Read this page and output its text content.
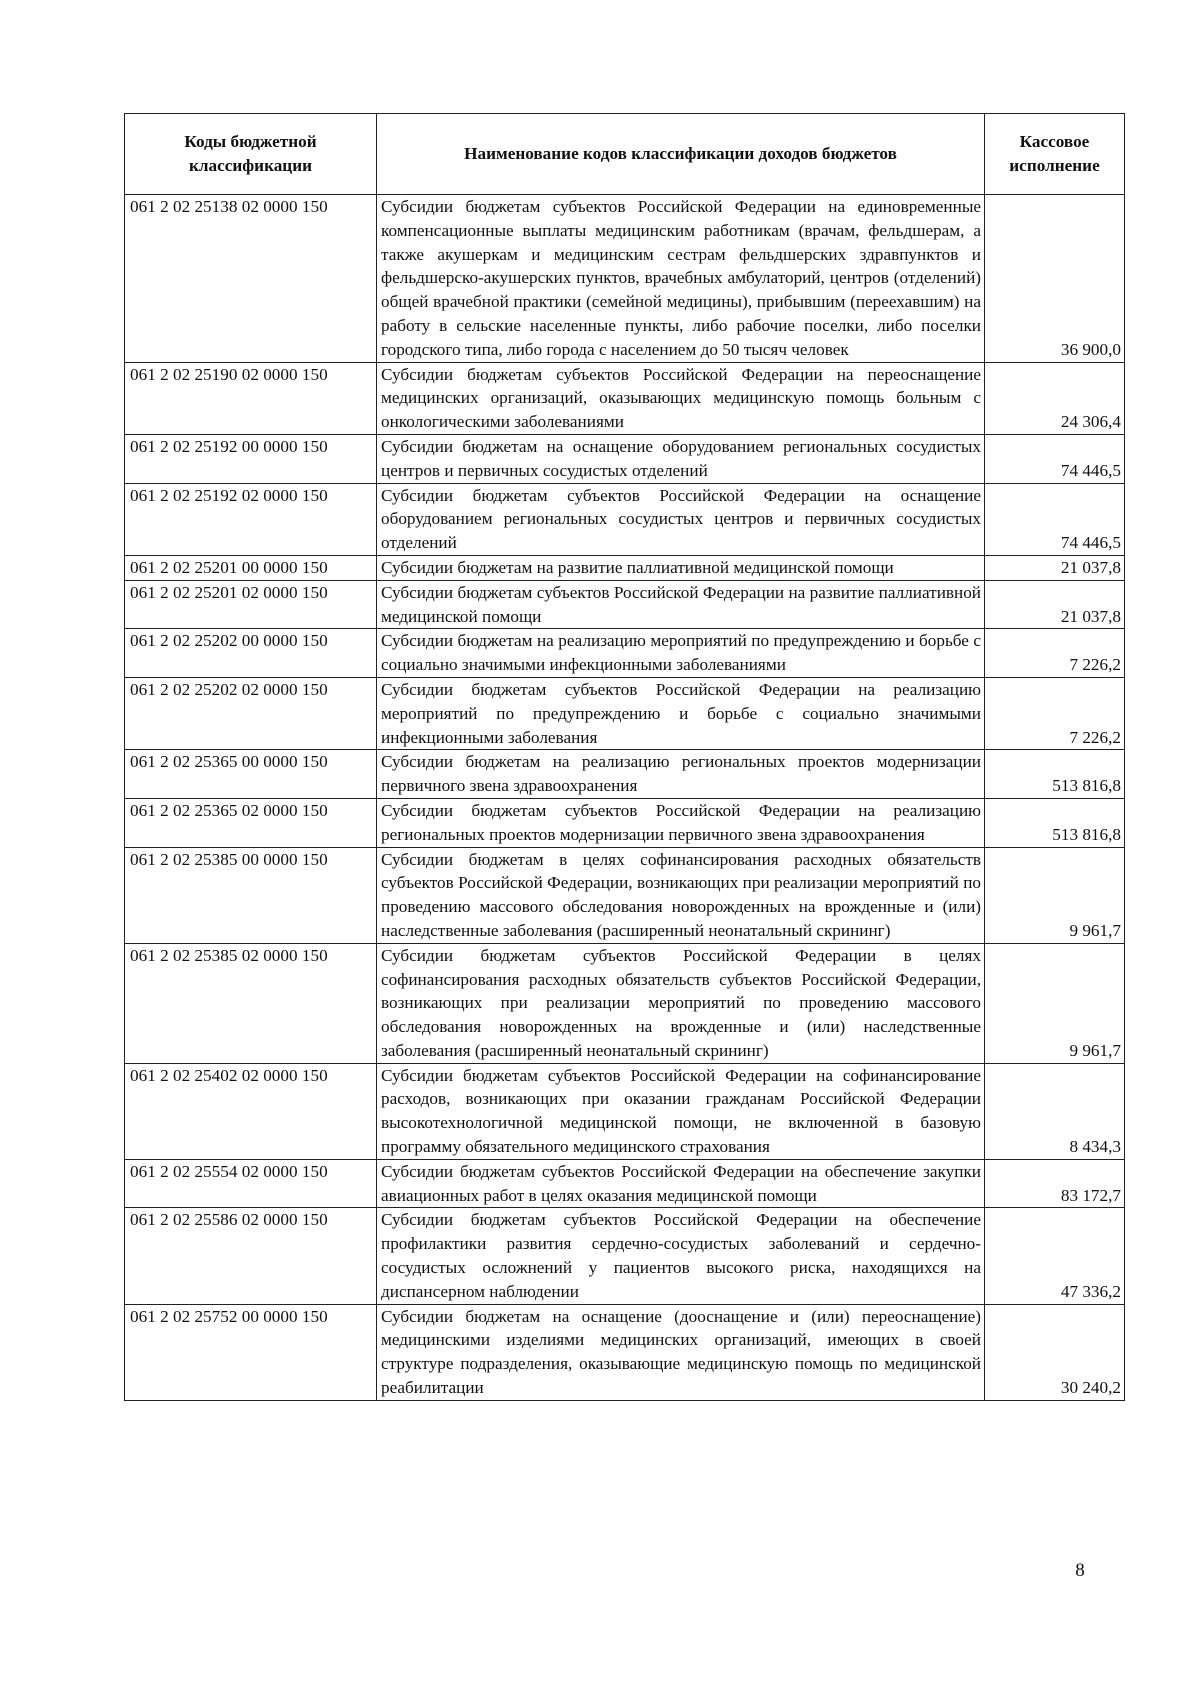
Коды бюджетной классификации	Наименование кодов классификации доходов бюджетов	Кассовое исполнение
061 2 02 25138 02 0000 150	Субсидии бюджетам субъектов Российской Федерации на единовременные компенсационные выплаты медицинским работникам (врачам, фельдшерам, а также акушеркам и медицинским сестрам фельдшерских здравпунктов и фельдшерско-акушерских пунктов, врачебных амбулаторий, центров (отделений) общей врачебной практики (семейной медицины), прибывшим (переехавшим) на работу в сельские населенные пункты, либо рабочие поселки, либо поселки городского типа, либо города с населением до 50 тысяч человек	36 900,0
061 2 02 25190 02 0000 150	Субсидии бюджетам субъектов Российской Федерации на переоснащение медицинских организаций, оказывающих медицинскую помощь больным с онкологическими заболеваниями	24 306,4
061 2 02 25192 00 0000 150	Субсидии бюджетам на оснащение оборудованием региональных сосудистых центров и первичных сосудистых отделений	74 446,5
061 2 02 25192 02 0000 150	Субсидии бюджетам субъектов Российской Федерации на оснащение оборудованием региональных сосудистых центров и первичных сосудистых отделений	74 446,5
061 2 02 25201 00 0000 150	Субсидии бюджетам на развитие паллиативной медицинской помощи	21 037,8
061 2 02 25201 02 0000 150	Субсидии бюджетам субъектов Российской Федерации на развитие паллиативной медицинской помощи	21 037,8
061 2 02 25202 00 0000 150	Субсидии бюджетам на реализацию мероприятий по предупреждению и борьбе с социально значимыми инфекционными заболеваниями	7 226,2
061 2 02 25202 02 0000 150	Субсидии бюджетам субъектов Российской Федерации на реализацию мероприятий по предупреждению и борьбе с социально значимыми инфекционными заболевания	7 226,2
061 2 02 25365 00 0000 150	Субсидии бюджетам на реализацию региональных проектов модернизации первичного звена здравоохранения	513 816,8
061 2 02 25365 02 0000 150	Субсидии бюджетам субъектов Российской Федерации на реализацию региональных проектов модернизации первичного звена здравоохранения	513 816,8
061 2 02 25385 00 0000 150	Субсидии бюджетам в целях софинансирования расходных обязательств субъектов Российской Федерации, возникающих при реализации мероприятий по проведению массового обследования новорожденных на врожденные и (или) наследственные заболевания (расширенный неонатальный скрининг)	9 961,7
061 2 02 25385 02 0000 150	Субсидии бюджетам субъектов Российской Федерации в целях софинансирования расходных обязательств субъектов Российской Федерации, возникающих при реализации мероприятий по проведению массового обследования новорожденных на врожденные и (или) наследственные заболевания (расширенный неонатальный скрининг)	9 961,7
061 2 02 25402 02 0000 150	Субсидии бюджетам субъектов Российской Федерации на софинансирование расходов, возникающих при оказании гражданам Российской Федерации высокотехнологичной медицинской помощи, не включенной в базовую программу обязательного медицинского страхования	8 434,3
061 2 02 25554 02 0000 150	Субсидии бюджетам субъектов Российской Федерации на обеспечение закупки авиационных работ в целях оказания медицинской помощи	83 172,7
061 2 02 25586 02 0000 150	Субсидии бюджетам субъектов Российской Федерации на обеспечение профилактики развития сердечно-сосудистых заболеваний и сердечно-сосудистых осложнений у пациентов высокого риска, находящихся на диспансерном наблюдении	47 336,2
061 2 02 25752 00 0000 150	Субсидии бюджетам на оснащение (дооснащение и (или) переоснащение) медицинскими изделиями медицинских организаций, имеющих в своей структуре подразделения, оказывающие медицинскую помощь по медицинской реабилитации	30 240,2
8
